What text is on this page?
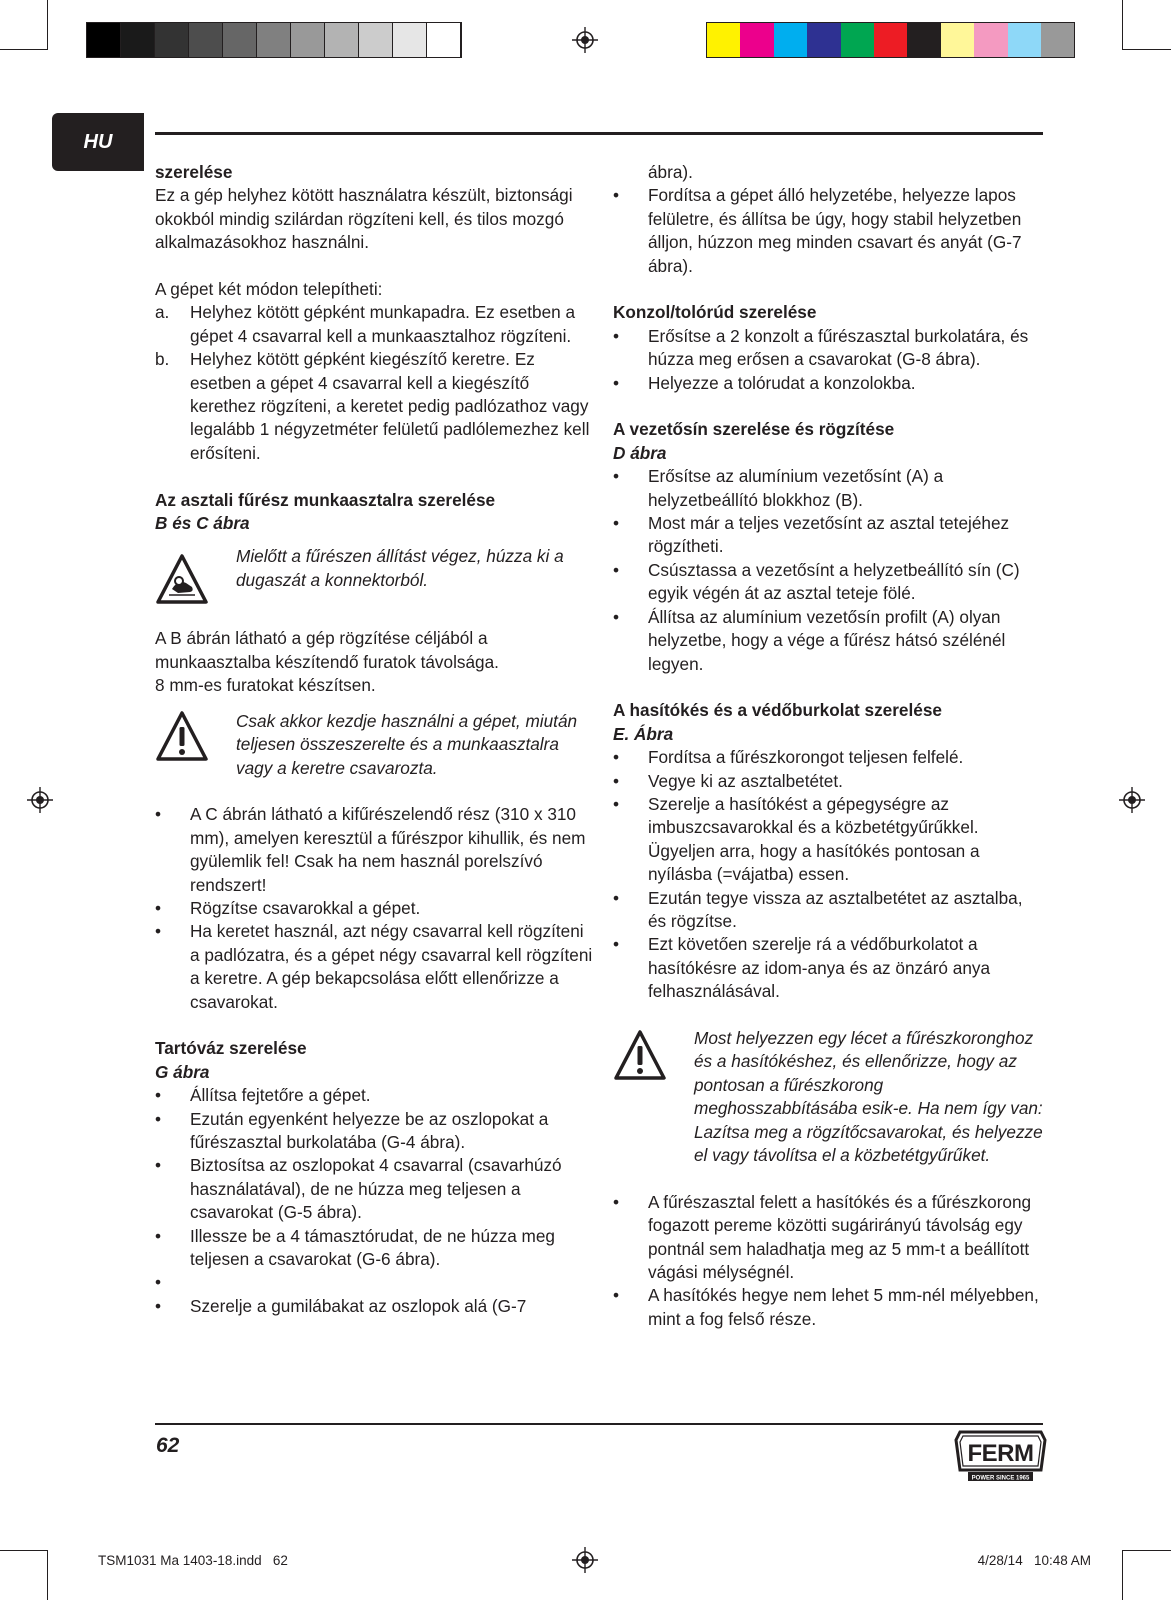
HU

szerelése

Ez a gép helyhez kötött használatra készült, biztonsági okokból mindig szilárdan rögzíteni kell, és tilos mozgó alkalmazásokhoz használni.

A gépet két módon telepítheti:

a. Helyhez kötött gépként munkapadra. Ez esetben a gépet 4 csavarral kell a munkaasztalhoz rögzíteni.
b. Helyhez kötött gépként kiegészítő keretre. Ez esetben a gépet 4 csavarral kell a kiegészítő kerethez rögzíteni, a keretet pedig padlózathoz vagy legalább 1 négyzetméter felületű padlólemezhez kell erősíteni.

Az asztali fűrész munkaasztalra szerelése

B és C ábra

Mielőtt a fűrészen állítást végez, húzza ki a dugaszát a konnektorból.

A B ábrán látható a gép rögzítése céljából a munkaasztalba készítendő furatok távolsága.

8 mm-es furatokat készítsen.

Csak akkor kezdje használni a gépet, miután teljesen összeszerelte és a munkaasztalra vagy a keretre csavarozta.
• A C ábrán látható a kifűrészelendő rész (310 x 310 mm), amelyen keresztül a fűrészpor kihullik, és nem gyülemlik fel! Csak ha nem használ porelszívó rendszert!
• Rögzítse csavarokkal a gépet.
• Ha keretet használ, azt négy csavarral kell rögzíteni a padlózatra, és a gépet négy csavarral kell rögzíteni a keretre. A gép bekapcsolása előtt ellenőrizze a csavarokat.

Tartóváz szerelése

G ábra

• Állítsa fejtetőre a gépet.
• Ezután egyenként helyezze be az oszlopokat a fűrészasztal burkolatába (G-4 ábra).
• Biztosítsa az oszlopokat 4 csavarral (csavarhúzó használatával), de ne húzza meg teljesen a csavarokat (G-5 ábra).
• Illessze be a 4 támasztórudat, de ne húzza meg teljesen a csavarokat (G-6 ábra).
•
• Szerelje a gumilábakat az oszlopok alá (G-7

ábra).

• Fordítsa a gépet álló helyzetébe, helyezze lapos felületre, és állítsa be úgy, hogy stabil helyzetben álljon, húzzon meg minden csavart és anyát (G-7 ábra).

Konzol/tolórúd szerelése

• Erősítse a 2 konzolt a fűrészasztal burkolatára, és húzza meg erősen a csavarokat (G-8 ábra).
• Helyezze a tolórudat a konzolokba.

A vezetősín szerelése és rögzítése

D ábra

• Erősítse az alumínium vezetősínt (A) a helyzetbeállító blokkhoz (B).
• Most már a teljes vezetősínt az asztal tetejéhez rögzítheti.
• Csúsztassa a vezetősínt a helyzetbeállító sín (C) egyik végén át az asztal teteje fölé.
• Állítsa az alumínium vezetősín profilt (A) olyan helyzetbe, hogy a vége a fűrész hátsó szélénél legyen.

A hasítókés és a védőburkolat szerelése

E. Ábra

• Fordítsa a fűrészkorongot teljesen felfelé.
• Vegye ki az asztalbetétet.
• Szerelje a hasítókést a gépegységre az imbuszcsavarokkal és a közbetétgyűrűkkel. Ügyeljen arra, hogy a hasítókés pontosan a nyílásba (=vájatba) essen.
• Ezután tegye vissza az asztalbetétet az asztalba, és rögzítse.
• Ezt követően szerelje rá a védőburkolatot a hasítókésre az idom-anya és az önzáró anya felhasználásával.
Most helyezzen egy lécet a fűrészkoronghoz és a hasítókéshez, és ellenőrizze, hogy az pontosan a fűrészkorong meghosszabbításába esik-e. Ha nem így van: Lazítsa meg a rögzítőcsavarokat, és helyezze el vagy távolítsa el a közbetétgyűrűket.
• A fűrészasztal felett a hasítókés és a fűrészkorong fogazott pereme közötti sugárirányú távolság egy pontnál sem haladhatja meg az 5 mm-t a beállított vágási mélységnél.
• A hasítókés hegye nem lehet 5 mm-nél mélyebben, mint a fog felső része.
62	FERM
POWER SINCE 1965
TSM1031 Ma 1403-18.indd   62	4/28/14   10:48 AM
